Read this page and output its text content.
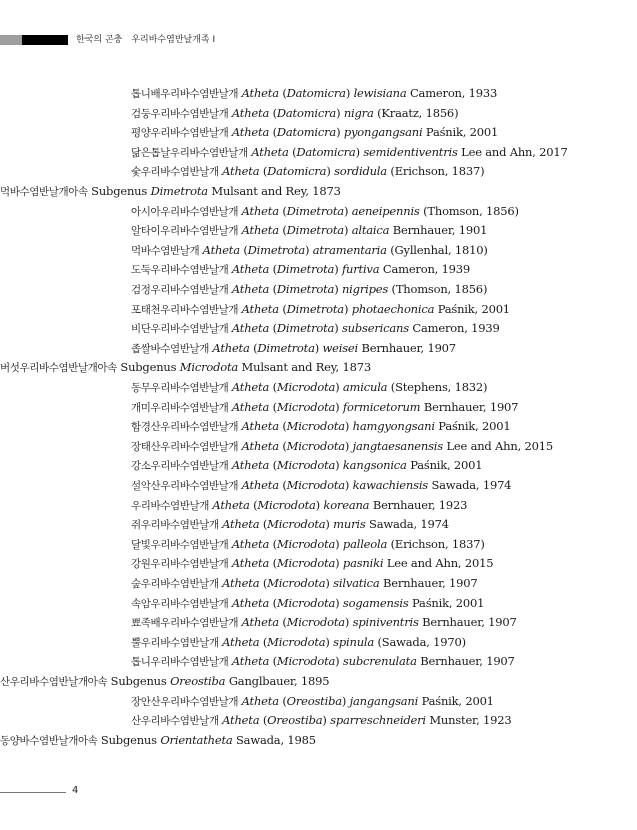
한국의 곤충 우리바수염반날개족 I
톱니배우리바수염반날개 Atheta (Datomicra) lewisiana Cameron, 1933
검둥우리바수염반날개 Atheta (Datomicra) nigra (Kraatz, 1856)
평양우리바수염반날개 Atheta (Datomicra) pyongangsani Paśnik, 2001
닮은톱날우리바수염반날개 Atheta (Datomicra) semidentiventris Lee and Ahn, 2017
숯우리바수염반날개 Atheta (Datomicra) sordidula (Erichson, 1837)
먹바수염반날개아속 Subgenus Dimetrota Mulsant and Rey, 1873
아시아우리바수염반날개 Atheta (Dimetrota) aeneipennis (Thomson, 1856)
알타이우리바수염반날개 Atheta (Dimetrota) altaica Bernhauer, 1901
먹바수염반날개 Atheta (Dimetrota) atramentaria (Gyllenhal, 1810)
도둑우리바수염반날개 Atheta (Dimetrota) furtiva Cameron, 1939
검정우리바수염반날개 Atheta (Dimetrota) nigripes (Thomson, 1856)
포태천우리바수염반날개 Atheta (Dimetrota) photaechonica Paśnik, 2001
비단우리바수염반날개 Atheta (Dimetrota) subsericans Cameron, 1939
좁쌀바수염반날개 Atheta (Dimetrota) weisei Bernhauer, 1907
버섯우리바수염반날개아속 Subgenus Microdota Mulsant and Rey, 1873
동무우리바수염반날개 Atheta (Microdota) amicula (Stephens, 1832)
개미우리바수염반날개 Atheta (Microdota) formicetorum Bernhauer, 1907
함경산우리바수염반날개 Atheta (Microdota) hamgyongsani Paśnik, 2001
장태산우리바수염반날개 Atheta (Microdota) jangtaesanensis Lee and Ahn, 2015
강소우리바수염반날개 Atheta (Microdota) kangsonica Paśnik, 2001
설악산우리바수염반날개 Atheta (Microdota) kawachiensis Sawada, 1974
우리바수염반날개 Atheta (Microdota) koreana Bernhauer, 1923
쥐우리바수염반날개 Atheta (Microdota) muris Sawada, 1974
달빛우리바수염반날개 Atheta (Microdota) palleola (Erichson, 1837)
강원우리바수염반날개 Atheta (Microdota) pasniki Lee and Ahn, 2015
숲우리바수염반날개 Atheta (Microdota) silvatica Bernhauer, 1907
속암우리바수염반날개 Atheta (Microdota) sogamensis Paśnik, 2001
뾰족배우리바수염반날개 Atheta (Microdota) spiniventris Bernhauer, 1907
뿔우리바수염반날개 Atheta (Microdota) spinula (Sawada, 1970)
톱니우리바수염반날개 Atheta (Microdota) subcrenulata Bernhauer, 1907
산우리바수염반날개아속 Subgenus Oreostiba Ganglbauer, 1895
장안산우리바수염반날개 Atheta (Oreostiba) jangangsani Paśnik, 2001
산우리바수염반날개 Atheta (Oreostiba) sparreschneideri Munster, 1923
동양바수염반날개아속 Subgenus Orientatheta Sawada, 1985
4
